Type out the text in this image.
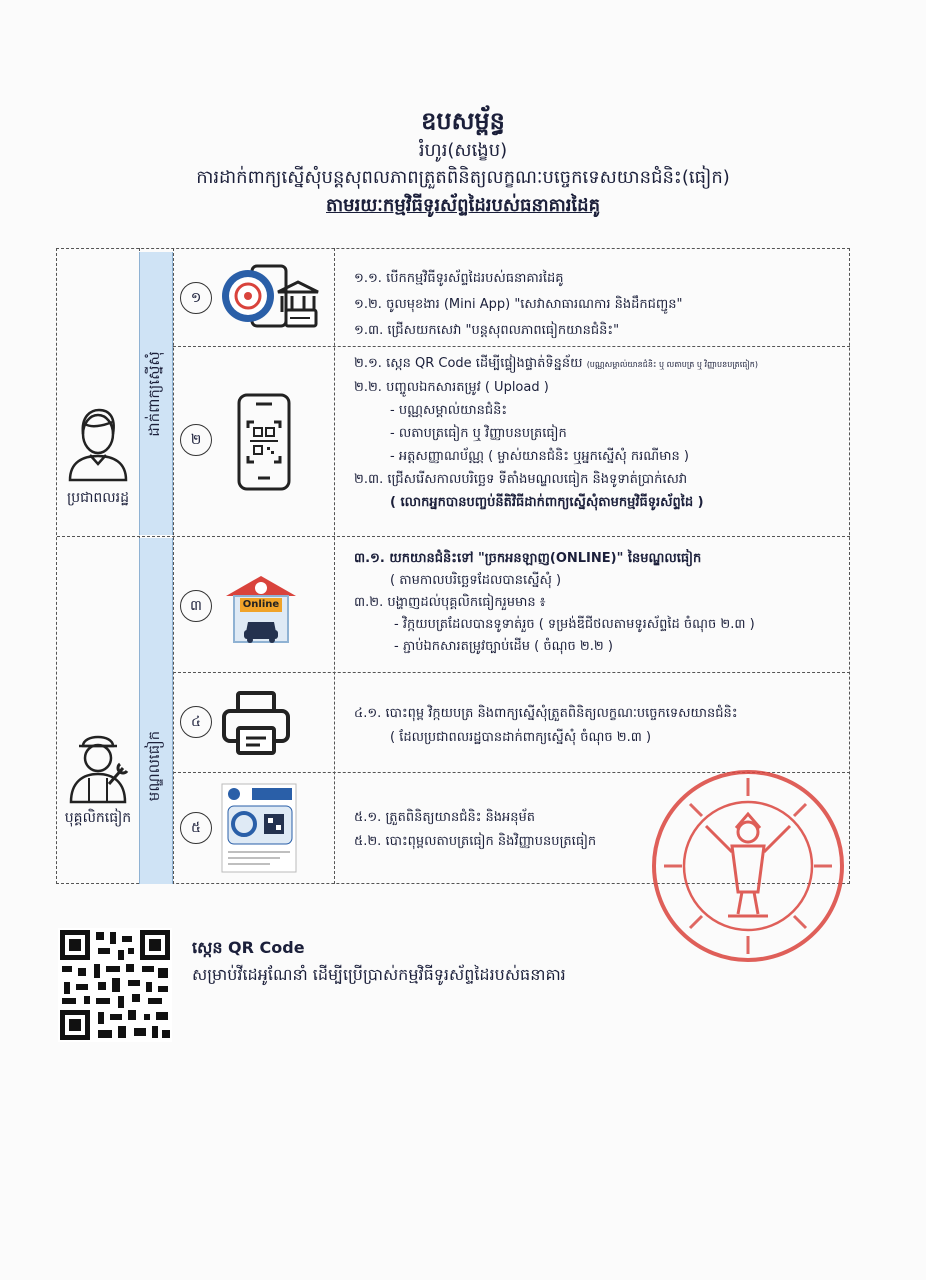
ឧបសម្ព័ន្ធ
រំហូរ(សង្ខេប)
ការដាក់ពាក្យស្នើសុំបន្តសុពលភាពត្រួតពិនិត្យលក្ខណៈបច្ចេកទេសយានជំនិះ(ធៀក)
តាមរយៈកម្មវិធីទូរស័ព្ទដៃរបស់ធនាគារដៃគូ
ដាក់ពាក្យស្នើសុំ
មណ្ឌលធៀក
ប្រជាពលរដ្ឋ
បុគ្គលិកធៀក
១
១.១. បើកកម្មវិធីទូរស័ព្ទដៃរបស់ធនាគារដៃគូ
១.២. ចូលមុខងារ (Mini App) "សេវាសាធារណការ និងដឹកជញ្ជូន"
១.៣. ជ្រើសយកសេវា "បន្តសុពលភាពធៀកយានជំនិះ"
២
២.១. ស្កេន QR Code ដើម្បីផ្ទៀងផ្ទាត់ទិន្នន័យ (បណ្ណសម្គាល់យានជំនិះ ឬ លតាបត្រ ឬ វិញ្ញាបនបត្រធៀក)
២.២. បញ្ចូលឯកសារតម្រូវ ( Upload )
- បណ្ណសម្គាល់យានជំនិះ
- លតាបត្រធៀក ឬ វិញ្ញាបនបត្រធៀក
- អត្តសញ្ញាណប័ណ្ណ ( ម្ចាស់យានជំនិះ ឬអ្នកស្នើសុំ ករណីមាន )
២.៣. ជ្រើសរើសកាលបរិច្ឆេទ ទីតាំងមណ្ឌលធៀក និងទូទាត់ប្រាក់សេវា
( លោកអ្នកបានបញ្ចប់នីតិវិធីដាក់ពាក្យស្នើសុំតាមកម្មវិធីទូរស័ព្ទដៃ )
៣	Online
៣.១. យកយានជំនិះទៅ "ច្រកអនឡាញ(ONLINE)" នៃមណ្ឌលធៀក
( តាមកាលបរិច្ឆេទដែលបានស្នើសុំ )
៣.២. បង្ហាញដល់បុគ្គលិកធៀករួមមាន ៖
- វិក្កយបត្រដែលបានទូទាត់រួច ( ទម្រង់ឌីជីថលតាមទូរស័ព្ទដៃ ចំណុច ២.៣ )
- ភ្ជាប់ឯកសារតម្រូវច្បាប់ដើម ( ចំណុច ២.២ )
៤
៤.១. បោះពុម្ព វិក្កយបត្រ និងពាក្យស្នើសុំត្រួតពិនិត្យលក្ខណៈបច្ចេកទេសយានជំនិះ
( ដែលប្រជាពលរដ្ឋបានដាក់ពាក្យស្នើសុំ ចំណុច ២.៣ )
៥
៥.១. ត្រួតពិនិត្យយានជំនិះ និងអនុម័ត
៥.២. បោះពុម្ពលតាបត្រធៀក និងវិញ្ញាបនបត្រធៀក
ស្កេន QR Code
សម្រាប់វីដេអូណែនាំ ដើម្បីប្រើប្រាស់កម្មវិធីទូរស័ព្ទដៃរបស់ធនាគារ
